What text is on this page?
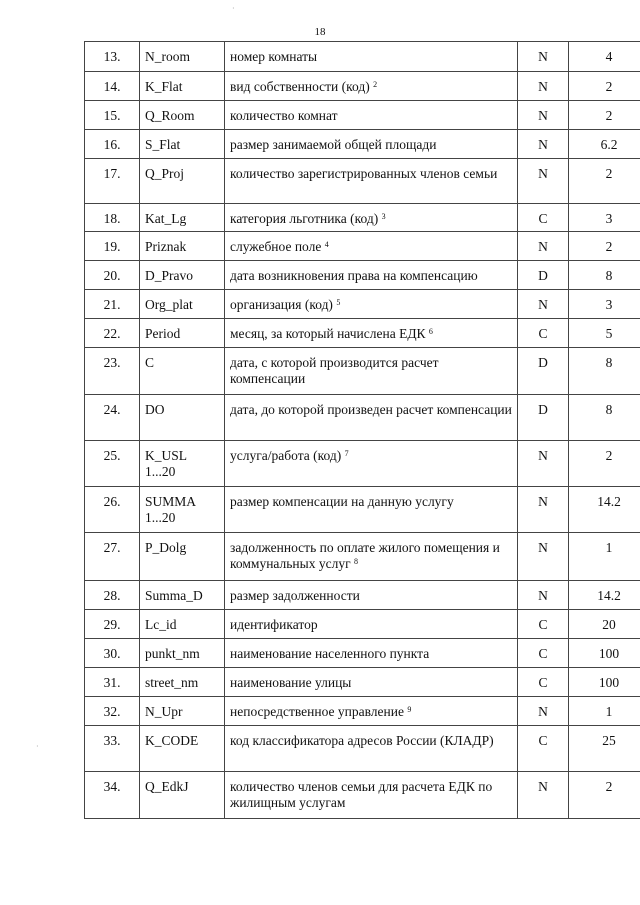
18
13.	N_room	номер комнаты	N	4
14.	K_Flat	вид собственности (код) $^2$	N	2
15.	Q_Room	количество комнат	N	2
16.	S_Flat	размер занимаемой общей площади	N	6.2
17.	Q_Proj	количество зарегистрированных членов семьи	N	2
18.	Kat_Lg	категория льготника (код) $^3$	C	3
19.	Priznak	служебное поле $^4$	N	2
20.	D_Pravo	дата возникновения права на компенсацию	D	8
21.	Org_plat	организация (код) $^5$	N	3
22.	Period	месяц, за который начислена ЕДК $^6$	C	5
23.	C	дата, с которой производится расчет компенсации	D	8
24.	DO	дата, до которой произведен расчет компенсации	D	8
25.	K_USL 1...20	услуга/работа (код) $^7$	N	2
26.	SUMMA 1...20	размер компенсации на данную услугу	N	14.2
27.	P_Dolg	задолженность по оплате жилого помещения и коммунальных услуг $^8$	N	1
28.	Summa_D	размер задолженности	N	14.2
29.	Lc_id	идентификатор	C	20
30.	punkt_nm	наименование населенного пункта	C	100
31.	street_nm	наименование улицы	C	100
32.	N_Upr	непосредственное управление $^9$	N	1
33.	K_CODE	код классификатора адресов России (КЛАДР)	C	25
34.	Q_EdkJ	количество членов семьи для расчета ЕДК по жилищным услугам	N	2
·
·
